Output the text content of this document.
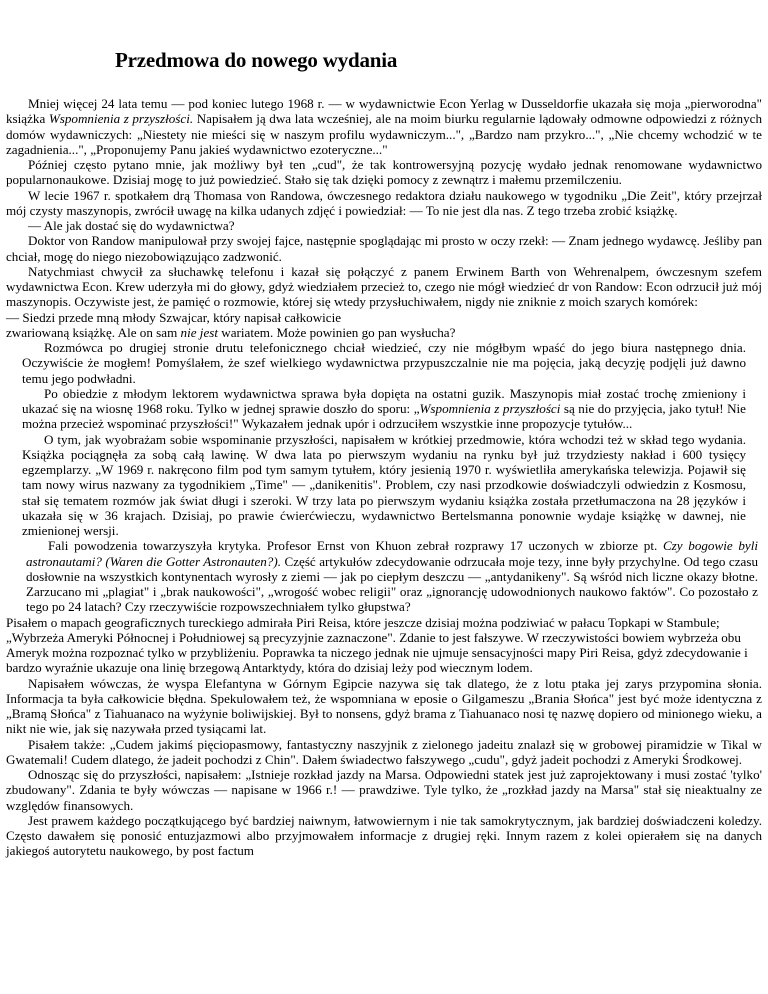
Przedmowa do nowego wydania

Mniej więcej 24 lata temu — pod koniec lutego 1968 r. — w wydawnictwie Econ Yerlag w Dusseldorfie ukazała się moja „pierworodna" książka Wspomnienia z przyszłości. Napisałem ją dwa lata wcześniej, ale na moim biurku regularnie lądowały odmowne odpowiedzi z różnych domów wydawniczych: „Niestety nie mieści się w naszym profilu wydawniczym...", „Bardzo nam przykro...", „Nie chcemy wchodzić w te zagadnienia...", „Proponujemy Panu jakieś wydawnictwo ezoteryczne..."

Później często pytano mnie, jak możliwy był ten „cud", że tak kontrowersyjną pozycję wydało jednak renomowane wydawnictwo popularnonaukowe. Dzisiaj mogę to już powiedzieć. Stało się tak dzięki pomocy z zewnątrz i małemu przemilczeniu.

W lecie 1967 r. spotkałem drą Thomasa von Randowa, ówczesnego redaktora działu naukowego w tygodniku „Die Zeit", który przejrzał mój czysty maszynopis, zwrócił uwagę na kilka udanych zdjęć i powiedział: — To nie jest dla nas. Z tego trzeba zrobić książkę.

— Ale jak dostać się do wydawnictwa?

Doktor von Randow manipulował przy swojej fajce, następnie spoglądając mi prosto w oczy rzekł: — Znam jednego wydawcę. Jeśliby pan chciał, mogę do niego niezobowiązująco zadzwonić.

Natychmiast chwycił za słuchawkę telefonu i kazał się połączyć z panem Erwinem Barth von Wehrenalpem, ówczesnym szefem wydawnictwa Econ. Krew uderzyła mi do głowy, gdyż wiedziałem przecież to, czego nie mógł wiedzieć dr von Randow: Econ odrzucił już mój maszynopis. Oczywiste jest, że pamięć o rozmowie, której się wtedy przysłuchiwałem, nigdy nie zniknie z moich szarych komórek:

— Siedzi przede mną młody Szwajcar, który napisał całkowicie

zwariowaną książkę. Ale on sam nie jest wariatem. Może powinien go pan wysłucha?

Rozmówca po drugiej stronie drutu telefonicznego chciał wiedzieć, czy nie mógłbym wpaść do jego biura następnego dnia. Oczywiście że mogłem! Pomyślałem, że szef wielkiego wydawnictwa przypuszczalnie nie ma pojęcia, jaką decyzję podjęli już dawno temu jego podwładni.

Po obiedzie z młodym lektorem wydawnictwa sprawa była dopięta na ostatni guzik. Maszynopis miał zostać trochę zmieniony i ukazać się na wiosnę 1968 roku. Tylko w jednej sprawie doszło do sporu: „Wspomnienia z przyszłości są nie do przyjęcia, jako tytuł! Nie można przecież wspominać przyszłości!" Wykazałem jednak upór i odrzuciłem wszystkie inne propozycje tytułów...

O tym, jak wyobrażam sobie wspominanie przyszłości, napisałem w krótkiej przedmowie, która wchodzi też w skład tego wydania. Książka pociągnęła za sobą całą lawinę. W dwa lata po pierwszym wydaniu na rynku był już trzydziesty nakład i 600 tysięcy egzemplarzy. „W 1969 r. nakręcono film pod tym samym tytułem, który jesienią 1970 r. wyświetliła amerykańska telewizja. Pojawił się tam nowy wirus nazwany za tygodnikiem „Time" — „danikenitis". Problem, czy nasi przodkowie doświadczyli odwiedzin z Kosmosu, stał się tematem rozmów jak świat długi i szeroki. W trzy lata po pierwszym wydaniu książka została przetłumaczona na 28 języków i ukazała się w 36 krajach. Dzisiaj, po prawie ćwierćwieczu, wydawnictwo Bertelsmanna ponownie wydaje książkę w dawnej, nie zmienionej wersji.

Fali powodzenia towarzyszyła krytyka. Profesor Ernst von Khuon zebrał rozprawy 17 uczonych w zbiorze pt. Czy bogowie byli astronautami? (Waren die Gotter Astronauten?). Część artykułów zdecydowanie odrzucała moje tezy, inne były przychylne. Od tego czasu dosłownie na wszystkich kontynentach wyrosły z ziemi — jak po ciepłym deszczu — „antydanikeny". Są wśród nich liczne okazy błotne. Zarzucano mi „plagiat" i „brak naukowości", „wrogość wobec religii" oraz „ignorancję udowodnionych naukowo faktów". Co pozostało z tego po 24 latach? Czy rzeczywiście rozpowszechniałem tylko głupstwa?

Pisałem o mapach geograficznych tureckiego admirała Piri Reisa, które jeszcze dzisiaj można podziwiać w pałacu Topkapi w Stambule; „Wybrzeża Ameryki Północnej i Południowej są precyzyjnie zaznaczone". Zdanie to jest fałszywe. W rzeczywistości bowiem wybrzeża obu Ameryk można rozpoznać tylko w przybliżeniu. Poprawka ta niczego jednak nie ujmuje sensacyjności mapy Piri Reisa, gdyż zdecydowanie i bardzo wyraźnie ukazuje ona linię brzegową Antarktydy, która do dzisiaj leży pod wiecznym lodem.

Napisałem wówczas, że wyspa Elefantyna w Górnym Egipcie nazywa się tak dlatego, że z lotu ptaka jej zarys przypomina słonia. Informacja ta była całkowicie błędna. Spekulowałem też, że wspomniana w eposie o Gilgameszu „Brania Słońca" jest być może identyczna z „Bramą Słońca" z Tiahuanaco na wyżynie boliwijskiej. Był to nonsens, gdyż brama z Tiahuanaco nosi tę nazwę dopiero od minionego wieku, a nikt nie wie, jak się nazywała przed tysiącami lat.

Pisałem także: „Cudem jakimś pięciopasmowy, fantastyczny naszyjnik z zielonego jadeitu znalazł się w grobowej piramidzie w Tikal w Gwatemali! Cudem dlatego, że jadeit pochodzi z Chin". Dałem świadectwo fałszywego „cudu", gdyż jadeit pochodzi z Ameryki Środkowej.

Odnosząc się do przyszłości, napisałem: „Istnieje rozkład jazdy na Marsa. Odpowiedni statek jest już zaprojektowany i musi zostać 'tylko' zbudowany". Zdania te były wówczas — napisane w 1966 r.! — prawdziwe. Tyle tylko, że „rozkład jazdy na Marsa" stał się nieaktualny ze względów finansowych.

Jest prawem każdego początkującego być bardziej naiwnym, łatwowiernym i nie tak samokrytycznym, jak bardziej doświadczeni koledzy. Często dawałem się ponosić entuzjazmowi albo przyjmowałem informacje z drugiej ręki. Innym razem z kolei opierałem się na danych jakiegoś autorytetu naukowego, by post factum
